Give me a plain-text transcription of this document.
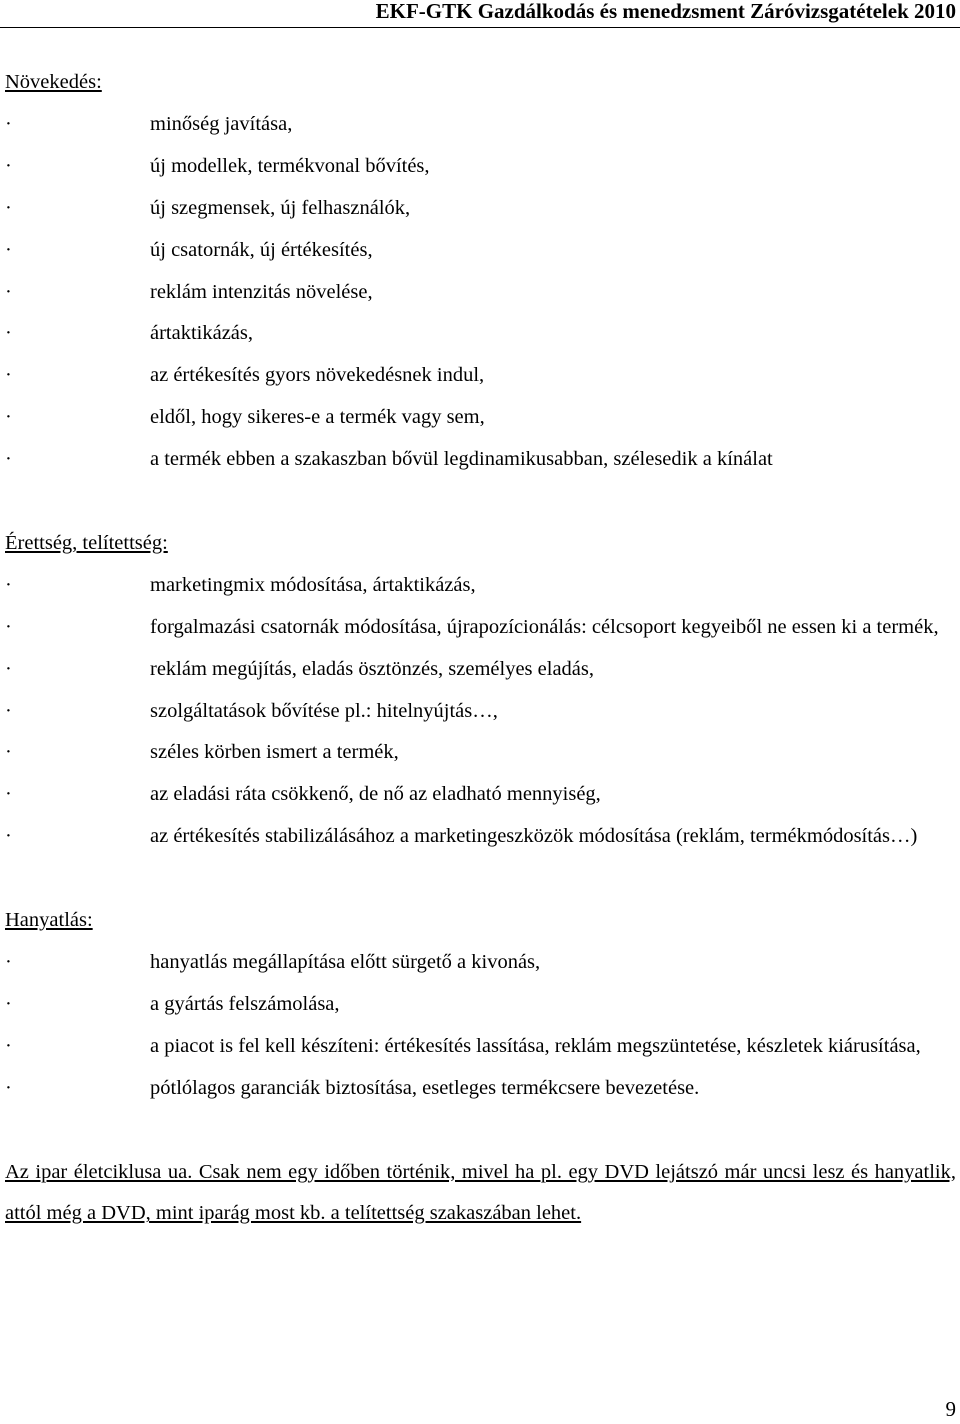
EKF-GTK Gazdálkodás és menedzsment Záróvizsgatételek 2010
Növekedés:
·	minőség javítása,
·	új modellek, termékvonal bővítés,
·	új szegmensek, új felhasználók,
·	új csatornák, új értékesítés,
·	reklám intenzitás növelése,
·	ártaktikázás,
·	az értékesítés gyors növekedésnek indul,
·	eldől, hogy sikeres-e a termék vagy sem,
·	a termék ebben a szakaszban bővül legdinamikusabban, szélesedik a kínálat
Érettség, telítettség:
·	marketingmix módosítása, ártaktikázás,
·	forgalmazási csatornák módosítása, újrapozícionálás: célcsoport kegyeiből ne essen ki a termék,
·	reklám megújítás, eladás ösztönzés, személyes eladás,
·	szolgáltatások bővítése pl.: hitelnyújtás…,
·	széles körben ismert a termék,
·	az eladási ráta csökkenő, de nő az eladható mennyiség,
·	az értékesítés stabilizálásához a marketingeszközök módosítása (reklám, termékmódosítás…)
Hanyatlás:
·	hanyatlás megállapítása előtt sürgető a kivonás,
·	a gyártás felszámolása,
·	a piacot is fel kell készíteni: értékesítés lassítása, reklám megszüntetése, készletek kiárusítása,
·	pótlólagos garanciák biztosítása, esetleges termékcsere bevezetése.
Az ipar életciklusa ua. Csak nem egy időben történik, mivel ha pl. egy DVD lejátszó már uncsi lesz és hanyatlik, attól még a DVD, mint iparág most kb. a telítettség szakaszában lehet.
9
